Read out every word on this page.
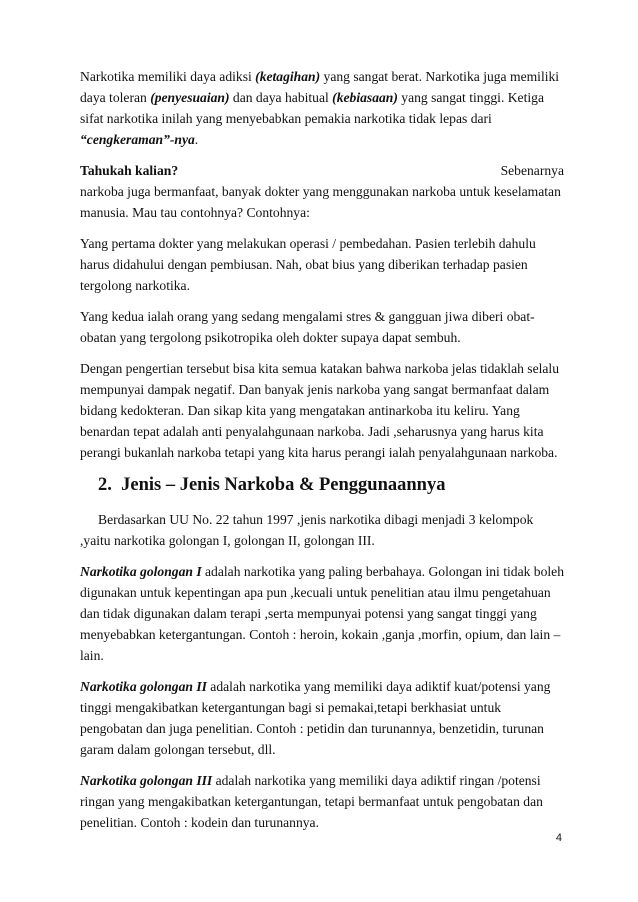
Narkotika memiliki daya adiksi (ketagihan) yang sangat berat. Narkotika juga memiliki daya toleran (penyesuaian) dan daya habitual (kebiasaan) yang sangat tinggi. Ketiga sifat narkotika inilah yang menyebabkan pemakia narkotika tidak lepas dari “cengkeraman”-nya.

Tahukah kalian?	Sebenarnya
narkoba juga bermanfaat, banyak dokter yang menggunakan narkoba untuk keselamatan manusia. Mau tau contohnya? Contohnya:

Yang pertama dokter yang melakukan operasi / pembedahan. Pasien terlebih dahulu harus didahului dengan pembiusan. Nah, obat bius yang diberikan terhadap pasien tergolong narkotika.

Yang kedua ialah orang yang sedang mengalami stres & gangguan jiwa diberi obat-obatan yang tergolong psikotropika oleh dokter supaya dapat sembuh.

Dengan pengertian tersebut bisa kita semua katakan bahwa narkoba jelas tidaklah selalu mempunyai dampak negatif. Dan banyak jenis narkoba yang sangat bermanfaat dalam bidang kedokteran. Dan sikap kita yang mengatakan antinarkoba itu keliru. Yang benardan tepat adalah anti penyalahgunaan narkoba. Jadi ,seharusnya yang harus kita perangi bukanlah narkoba tetapi yang kita harus perangi ialah penyalahgunaan narkoba.

2. Jenis – Jenis Narkoba & Penggunaannya

Berdasarkan UU No. 22 tahun 1997 ,jenis narkotika dibagi menjadi 3 kelompok ,yaitu narkotika golongan I, golongan II, golongan III.

Narkotika golongan I adalah narkotika yang paling berbahaya. Golongan ini tidak boleh digunakan untuk kepentingan apa pun ,kecuali untuk penelitian atau ilmu pengetahuan dan tidak digunakan dalam terapi ,serta mempunyai potensi yang sangat tinggi yang menyebabkan ketergantungan. Contoh : heroin, kokain ,ganja ,morfin, opium, dan lain – lain.

Narkotika golongan II adalah narkotika yang memiliki daya adiktif kuat/potensi yang tinggi mengakibatkan ketergantungan bagi si pemakai,tetapi berkhasiat untuk pengobatan dan juga penelitian. Contoh : petidin dan turunannya, benzetidin, turunan garam dalam golongan tersebut, dll.

Narkotika golongan III adalah narkotika yang memiliki daya adiktif ringan /potensi ringan yang mengakibatkan ketergantungan, tetapi bermanfaat untuk pengobatan dan penelitian. Contoh : kodein dan turunannya.

4
